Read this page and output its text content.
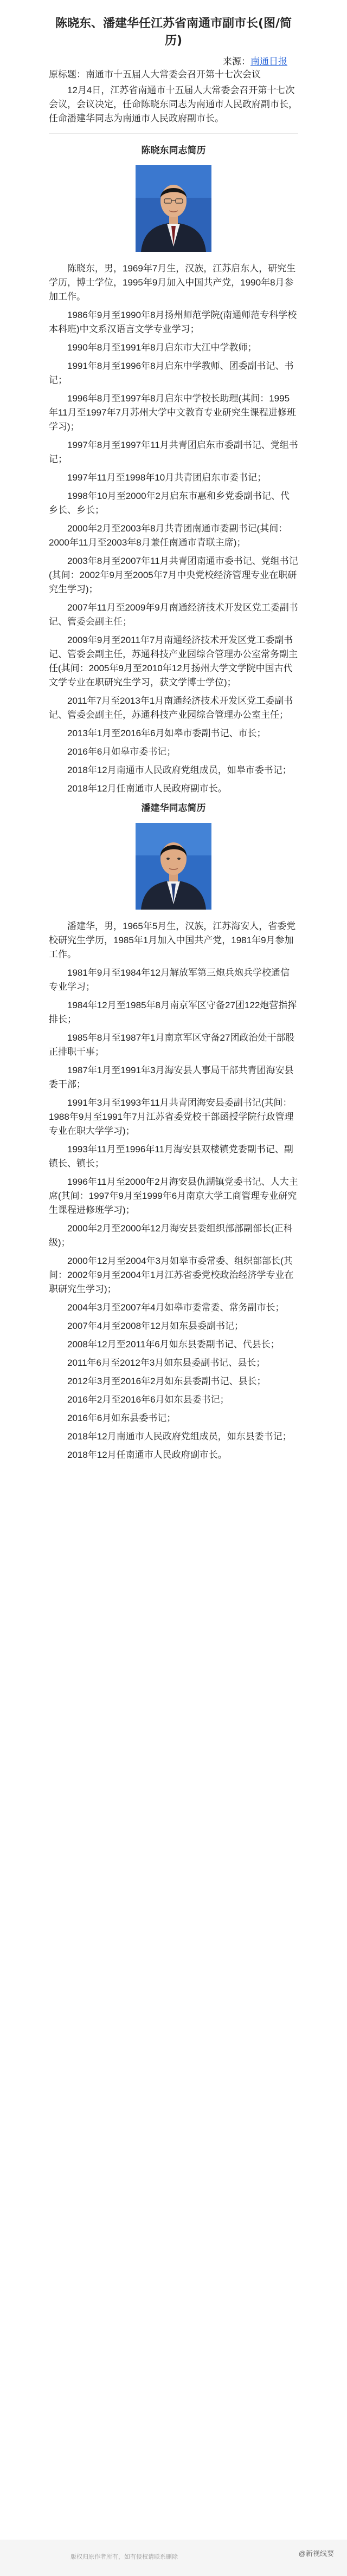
陈晓东、潘建华任江苏省南通市副市长(图/简历)
来源：南通日报
原标题：南通市十五届人大常委会召开第十七次会议

12月4日，江苏省南通市十五届人大常委会召开第十七次会议，会议决定，任命陈晓东同志为南通市人民政府副市长，任命潘建华同志为南通市人民政府副市长。

陈晓东同志简历

陈晓东，男，1969年7月生，汉族，江苏启东人，研究生学历，博士学位，1995年9月加入中国共产党，1990年8月参加工作。

1986年9月至1990年8月扬州师范学院(南通师范专科学校本科班)中文系汉语言文学专业学习；

1990年8月至1991年8月启东市大江中学教师；

1991年8月至1996年8月启东中学教师、团委副书记、书记；

1996年8月至1997年8月启东中学校长助理(其间：1995年11月至1997年7月苏州大学中文教育专业研究生课程进修班学习)；

1997年8月至1997年11月共青团启东市委副书记、党组书记；

1997年11月至1998年10月共青团启东市委书记；

1998年10月至2000年2月启东市惠和乡党委副书记、代乡长、乡长；

2000年2月至2003年8月共青团南通市委副书记(其间：2000年11月至2003年8月兼任南通市青联主席)；

2003年8月至2007年11月共青团南通市委书记、党组书记(其间：2002年9月至2005年7月中央党校经济管理专业在职研究生学习)；

2007年11月至2009年9月南通经济技术开发区党工委副书记、管委会副主任；

2009年9月至2011年7月南通经济技术开发区党工委副书记、管委会副主任，苏通科技产业园综合管理办公室常务副主任(其间：2005年9月至2010年12月扬州大学文学院中国古代文学专业在职研究生学习，获文学博士学位)；

2011年7月至2013年1月南通经济技术开发区党工委副书记、管委会副主任，苏通科技产业园综合管理办公室主任；

2013年1月至2016年6月如皋市委副书记、市长；

2016年6月如皋市委书记；

2018年12月南通市人民政府党组成员，如皋市委书记；

2018年12月任南通市人民政府副市长。

潘建华同志简历

潘建华，男，1965年5月生，汉族，江苏海安人，省委党校研究生学历，1985年1月加入中国共产党，1981年9月参加工作。

1981年9月至1984年12月解放军第三炮兵炮兵学校通信专业学习；

1984年12月至1985年8月南京军区守备27团122炮营指挥排长；

1985年8月至1987年1月南京军区守备27团政治处干部股正排职干事；

1987年1月至1991年3月海安县人事局干部共青团海安县委干部；

1991年3月至1993年11月共青团海安县委副书记(其间：1988年9月至1991年7月江苏省委党校干部函授学院行政管理专业在职大学学习)；

1993年11月至1996年11月海安县双楼镇党委副书记、副镇长、镇长；

1996年11月至2000年2月海安县仇湖镇党委书记、人大主席(其间：1997年9月至1999年6月南京大学工商管理专业研究生课程进修班学习)；

2000年2月至2000年12月海安县委组织部部副部长(正科级)；

2000年12月至2004年3月如皋市委常委、组织部部长(其间：2002年9月至2004年1月江苏省委党校政治经济学专业在职研究生学习)；

2004年3月至2007年4月如皋市委常委、常务副市长；

2007年4月至2008年12月如东县委副书记；

2008年12月至2011年6月如东县委副书记、代县长；

2011年6月至2012年3月如东县委副书记、县长；

2012年3月至2016年2月如东县委副书记、县长；

2016年2月至2016年6月如东县委书记；

2016年6月如东县委书记；

2018年12月南通市人民政府党组成员，如东县委书记；

2018年12月任南通市人民政府副市长。

版权归原作者所有，如有侵权请联系删除	@新视线要
